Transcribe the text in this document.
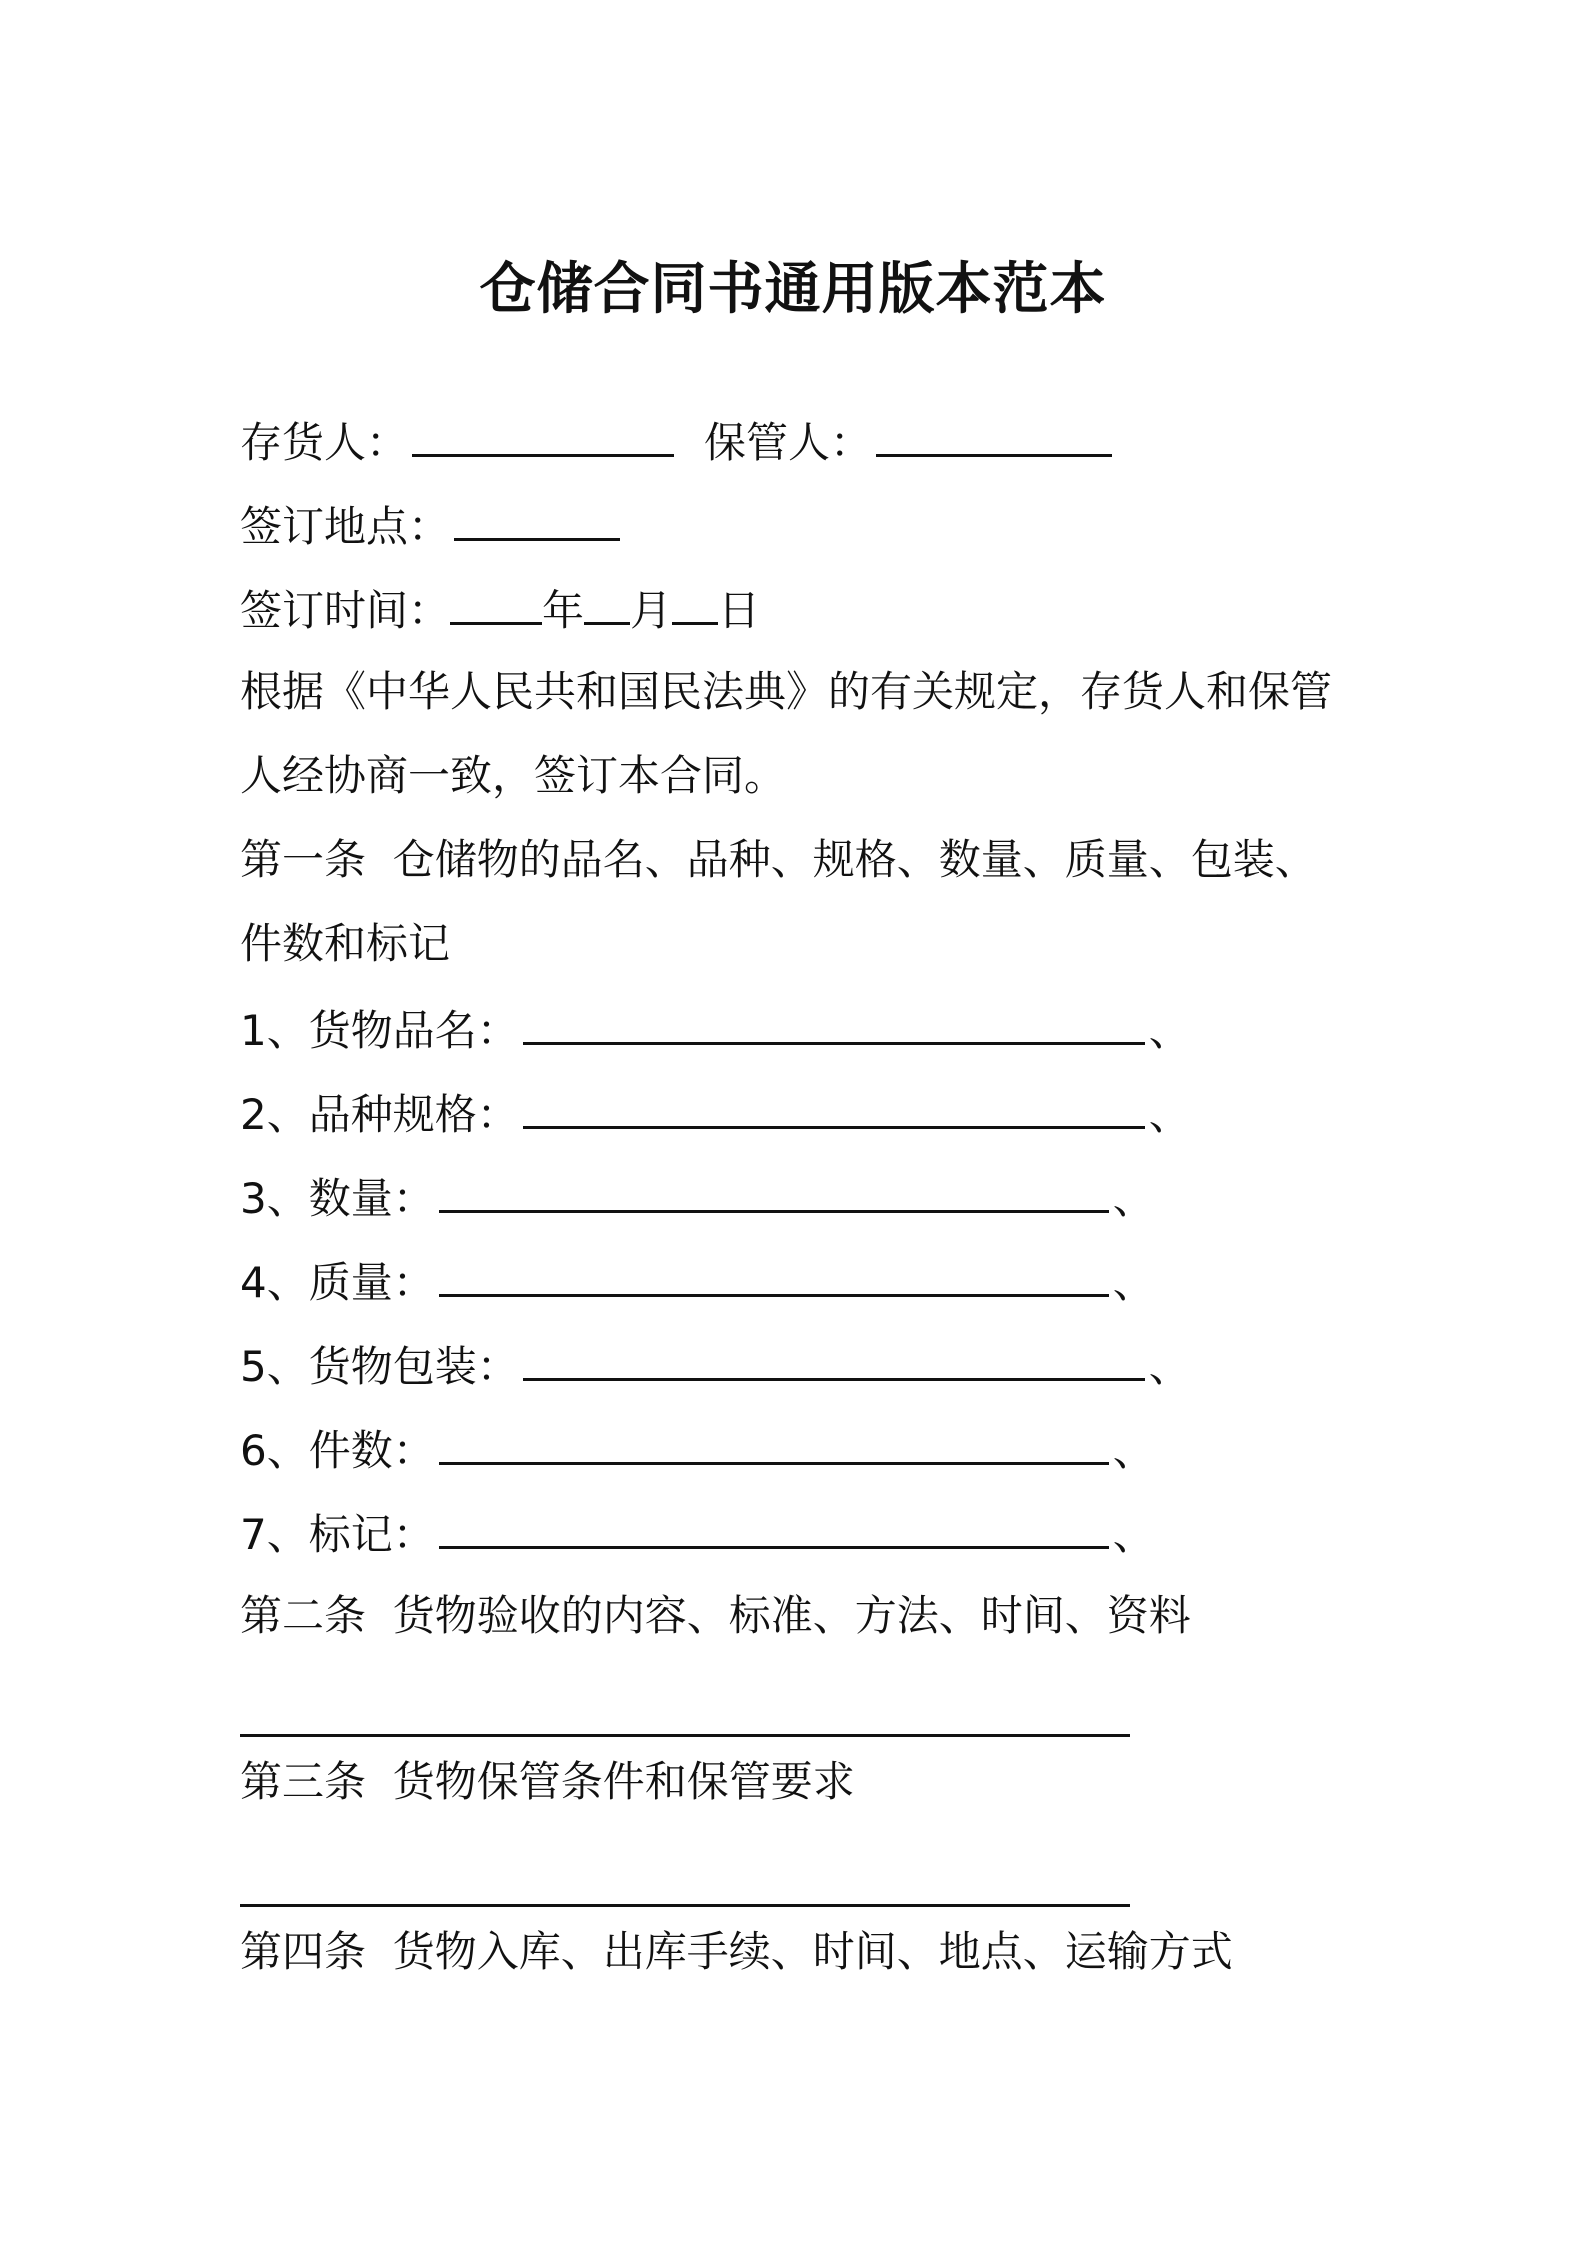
仓储合同书通用版本范本
存货人：	保管人：
签订地点：
签订时间： 年 月 日
根据《中华人民共和国民法典》的有关规定，存货人和保管
人经协商一致，签订本合同。
第一条  仓储物的品名、品种、规格、数量、质量、包装、
件数和标记
1、货物品名：	、
2、品种规格：	、
3、数量：	、
4、质量：	、
5、货物包装：	、
6、件数：	、
7、标记：	、
第二条  货物验收的内容、标准、方法、时间、资料
第三条  货物保管条件和保管要求
第四条  货物入库、出库手续、时间、地点、运输方式
